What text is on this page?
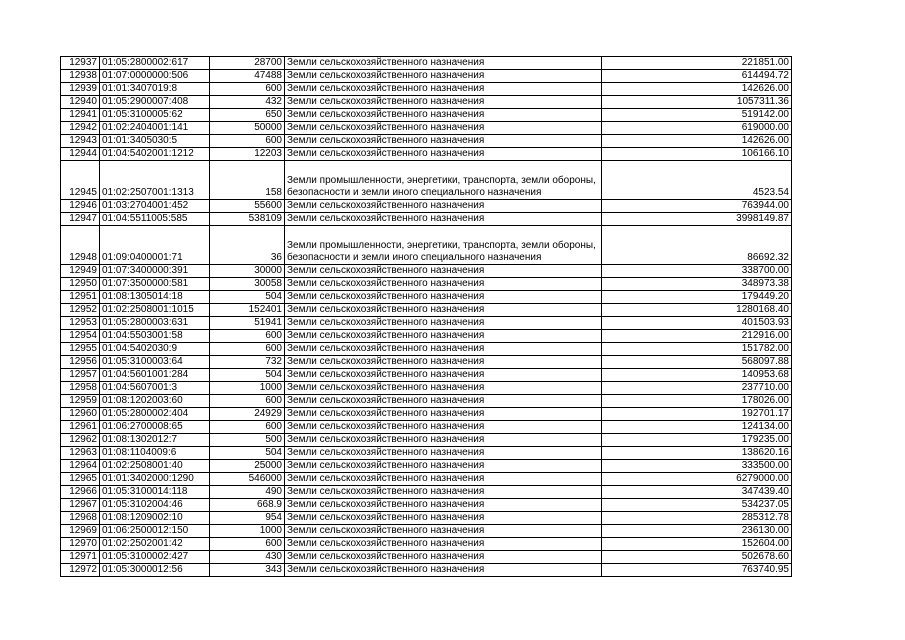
12937	01:05:2800002:617	28700	Земли сельскохозяйственного назначения	221851.00
12938	01:07:0000000:506	47488	Земли сельскохозяйственного назначения	614494.72
12939	01:01:3407019:8	600	Земли сельскохозяйственного назначения	142626.00
12940	01:05:2900007:408	432	Земли сельскохозяйственного назначения	1057311.36
12941	01:05:3100005:62	650	Земли сельскохозяйственного назначения	519142.00
12942	01:02:2404001:141	50000	Земли сельскохозяйственного назначения	619000.00
12943	01:01:3405030:5	600	Земли сельскохозяйственного назначения	142626.00
12944	01:04:5402001:1212	12203	Земли сельскохозяйственного назначения	106166.10
12945	01:02:2507001:1313	158	Земли промышленности, энергетики, транспорта, земли обороны, безопасности и земли иного специального назначения	4523.54
12946	01:03:2704001:452	55600	Земли сельскохозяйственного назначения	763944.00
12947	01:04:5511005:585	538109	Земли сельскохозяйственного назначения	3998149.87
12948	01:09:0400001:71	36	Земли промышленности, энергетики, транспорта, земли обороны, безопасности и земли иного специального назначения	86692.32
12949	01:07:3400000:391	30000	Земли сельскохозяйственного назначения	338700.00
12950	01:07:3500000:581	30058	Земли сельскохозяйственного назначения	348973.38
12951	01:08:1305014:18	504	Земли сельскохозяйственного назначения	179449.20
12952	01:02:2508001:1015	152401	Земли сельскохозяйственного назначения	1280168.40
12953	01:05:2800003:631	51941	Земли сельскохозяйственного назначения	401503.93
12954	01:04:5503001:58	600	Земли сельскохозяйственного назначения	212916.00
12955	01:04:5402030:9	600	Земли сельскохозяйственного назначения	151782.00
12956	01:05:3100003:64	732	Земли сельскохозяйственного назначения	568097.88
12957	01:04:5601001:284	504	Земли сельскохозяйственного назначения	140953.68
12958	01:04:5607001:3	1000	Земли сельскохозяйственного назначения	237710.00
12959	01:08:1202003:60	600	Земли сельскохозяйственного назначения	178026.00
12960	01:05:2800002:404	24929	Земли сельскохозяйственного назначения	192701.17
12961	01:06:2700008:65	600	Земли сельскохозяйственного назначения	124134.00
12962	01:08:1302012:7	500	Земли сельскохозяйственного назначения	179235.00
12963	01:08:1104009:6	504	Земли сельскохозяйственного назначения	138620.16
12964	01:02:2508001:40	25000	Земли сельскохозяйственного назначения	333500.00
12965	01:01:3402000:1290	546000	Земли сельскохозяйственного назначения	6279000.00
12966	01:05:3100014:118	490	Земли сельскохозяйственного назначения	347439.40
12967	01:05:3102004:46	668.9	Земли сельскохозяйственного назначения	534237.05
12968	01:08:1209002:10	954	Земли сельскохозяйственного назначения	285312.78
12969	01:06:2500012:150	1000	Земли сельскохозяйственного назначения	236130.00
12970	01:02:2502001:42	600	Земли сельскохозяйственного назначения	152604.00
12971	01:05:3100002:427	430	Земли сельскохозяйственного назначения	502678.60
12972	01:05:3000012:56	343	Земли сельскохозяйственного назначения	763740.95
